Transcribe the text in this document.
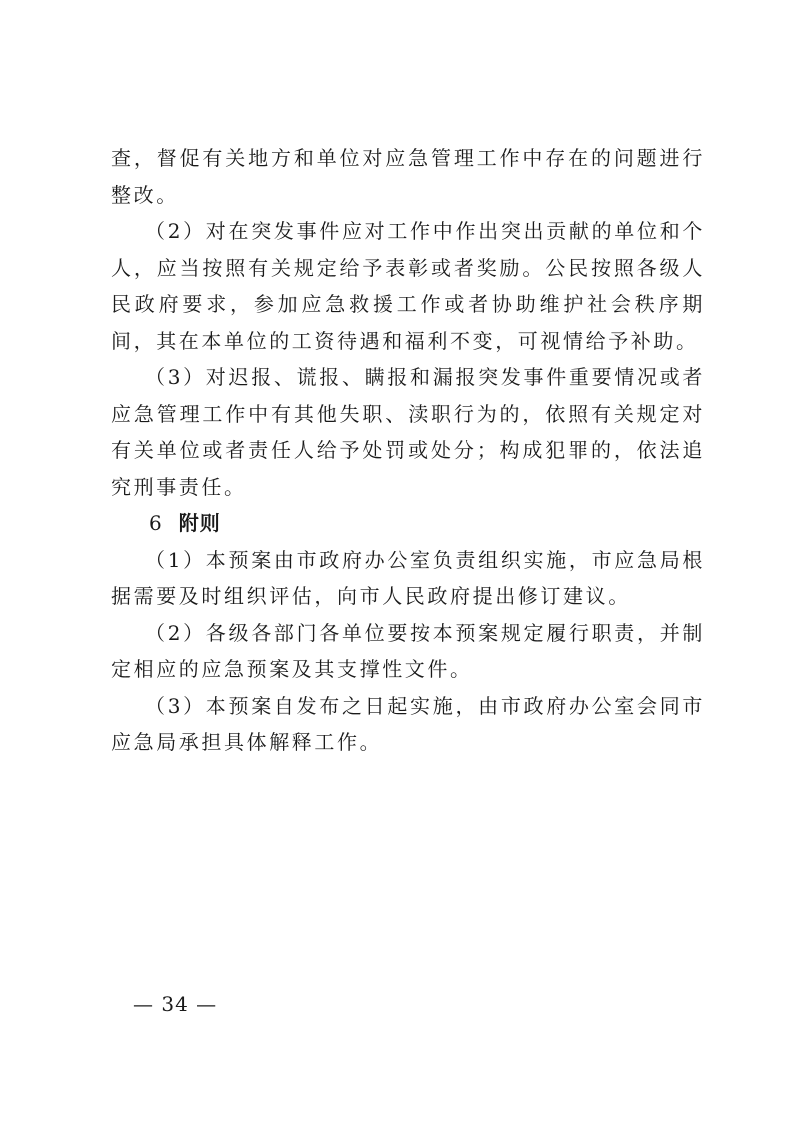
查，督促有关地方和单位对应急管理工作中存在的问题进行整改。

（2）对在突发事件应对工作中作出突出贡献的单位和个人，应当按照有关规定给予表彰或者奖励。公民按照各级人民政府要求，参加应急救援工作或者协助维护社会秩序期间，其在本单位的工资待遇和福利不变，可视情给予补助。

（3）对迟报、谎报、瞒报和漏报突发事件重要情况或者应急管理工作中有其他失职、渎职行为的，依照有关规定对有关单位或者责任人给予处罚或处分；构成犯罪的，依法追究刑事责任。

6 附则

（1）本预案由市政府办公室负责组织实施，市应急局根据需要及时组织评估，向市人民政府提出修订建议。

（2）各级各部门各单位要按本预案规定履行职责，并制定相应的应急预案及其支撑性文件。

（3）本预案自发布之日起实施，由市政府办公室会同市应急局承担具体解释工作。

— 34 —
